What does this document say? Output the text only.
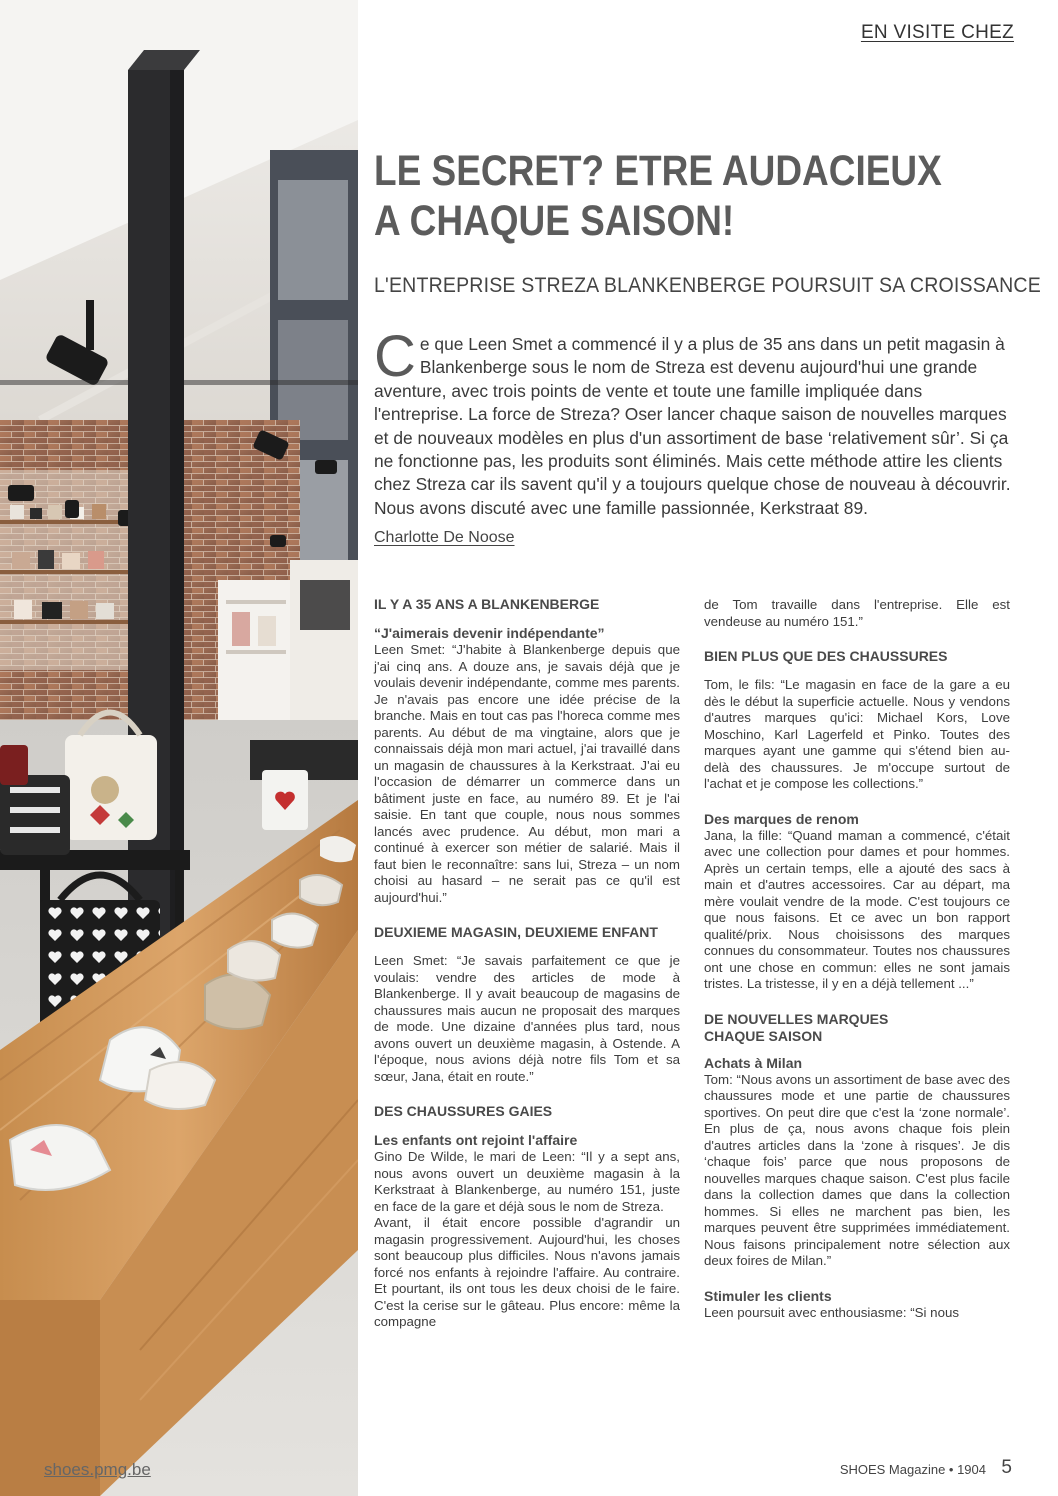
EN VISITE CHEZ
LE SECRET? ETRE AUDACIEUX
A CHAQUE SAISON!
L'ENTREPRISE STREZA BLANKENBERGE POURSUIT SA CROISSANCE
Ce que Leen Smet a commencé il y a plus de 35 ans dans un petit magasin à Blankenberge sous le nom de Streza est devenu aujourd'hui une grande aventure, avec trois points de vente et toute une famille impliquée dans l'entreprise. La force de Streza? Oser lancer chaque saison de nouvelles marques et de nouveaux modèles en plus d'un assortiment de base ‘relativement sûr’. Si ça ne fonctionne pas, les produits sont éliminés. Mais cette méthode attire les clients chez Streza car ils savent qu'il y a toujours quelque chose de nouveau à découvrir. Nous avons discuté avec une famille passionnée, Kerkstraat 89.
Charlotte De Noose
IL Y A 35 ANS A BLANKENBERGE
“J'aimerais devenir indépendante”

Leen Smet: “J'habite à Blankenberge depuis que j'ai cinq ans. A douze ans, je savais déjà que je voulais devenir indépendante, comme mes parents. Je n'avais pas encore une idée précise de la branche. Mais en tout cas pas l'horeca comme mes parents. Au début de ma vingtaine, alors que je connaissais déjà mon mari actuel, j'ai travaillé dans un magasin de chaussures à la Kerkstraat. J'ai eu l'occasion de démarrer un commerce dans un bâtiment juste en face, au numéro 89. Et je l'ai saisie. En tant que couple, nous nous sommes lancés avec prudence. Au début, mon mari a continué à exercer son métier de salarié. Mais il faut bien le reconnaître: sans lui, Streza – un nom choisi au hasard – ne serait pas ce qu'il est aujourd'hui.”

DEUXIEME MAGASIN, DEUXIEME ENFANT

Leen Smet: “Je savais parfaitement ce que je voulais: vendre des articles de mode à Blankenberge. Il y avait beaucoup de magasins de chaussures mais aucun ne proposait des marques de mode. Une dizaine d'années plus tard, nous avons ouvert un deuxième magasin, à Ostende. A l'époque, nous avions déjà notre fils Tom et sa sœur, Jana, était en route.”

DES CHAUSSURES GAIES
Les enfants ont rejoint l'affaire

Gino De Wilde, le mari de Leen: “Il y a sept ans, nous avons ouvert un deuxième magasin à la Kerkstraat à Blankenberge, au numéro 151, juste en face de la gare et déjà sous le nom de Streza.

Avant, il était encore possible d'agrandir un magasin progressivement. Aujourd'hui, les choses sont beaucoup plus difficiles. Nous n'avons jamais forcé nos enfants à rejoindre l'affaire. Au contraire. Et pourtant, ils ont tous les deux choisi de le faire. C'est la cerise sur le gâteau. Plus encore: même la compagne

de Tom travaille dans l'entreprise. Elle est vendeuse au numéro 151.”

BIEN PLUS QUE DES CHAUSSURES

Tom, le fils: “Le magasin en face de la gare a eu dès le début la superficie actuelle. Nous y vendons d'autres marques qu'ici: Michael Kors, Love Moschino, Karl Lagerfeld et Pinko. Toutes des marques ayant une gamme qui s'étend bien au-delà des chaussures. Je m'occupe surtout de l'achat et je compose les collections.”

Des marques de renom

Jana, la fille: “Quand maman a commencé, c'était avec une collection pour dames et pour hommes. Après un certain temps, elle a ajouté des sacs à main et d'autres accessoires. Car au départ, ma mère voulait vendre de la mode. C'est toujours ce que nous faisons. Et ce avec un bon rapport qualité/prix. Nous choisissons des marques connues du consommateur. Toutes nos chaussures ont une chose en commun: elles ne sont jamais tristes. La tristesse, il y en a déjà tellement ...”

DE NOUVELLES MARQUES
CHAQUE SAISON
Achats à Milan

Tom: “Nous avons un assortiment de base avec des chaussures mode et une partie de chaussures sportives. On peut dire que c'est la ‘zone normale’. En plus de ça, nous avons chaque fois plein d'autres articles dans la ‘zone à risques’. Je dis ‘chaque fois’ parce que nous proposons de nouvelles marques chaque saison. C'est plus facile dans la collection dames que dans la collection hommes. Si elles ne marchent pas bien, les marques peuvent être supprimées immédiatement. Nous faisons principalement notre sélection aux deux foires de Milan.”

Stimuler les clients

Leen poursuit avec enthousiasme: “Si nous

shoes.pmg.be	SHOES Magazine • 1904 5
